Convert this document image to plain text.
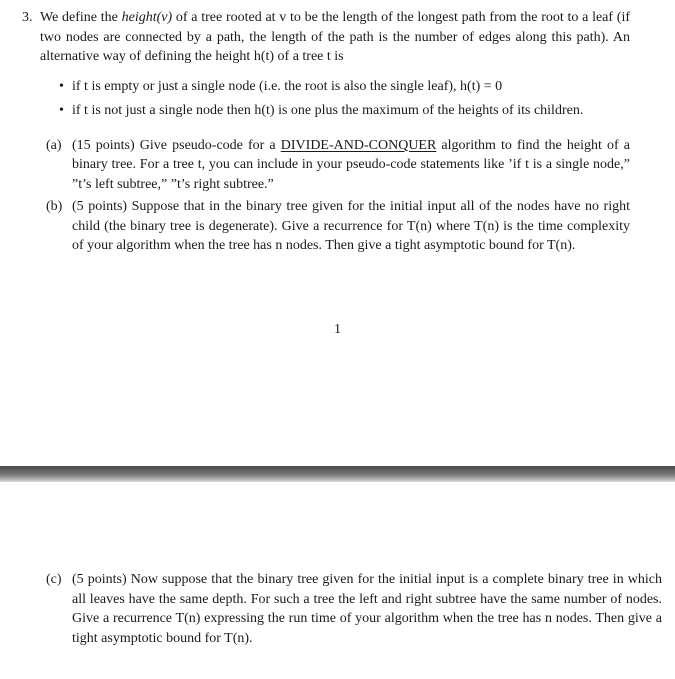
3. We define the height(v) of a tree rooted at v to be the length of the longest path from the root to a leaf (if two nodes are connected by a path, the length of the path is the number of edges along this path). An alternative way of defining the height h(t) of a tree t is

• if t is empty or just a single node (i.e. the root is also the single leaf), h(t) = 0
• if t is not just a single node then h(t) is one plus the maximum of the heights of its children.
(a) (15 points) Give pseudo-code for a DIVIDE-AND-CONQUER algorithm to find the height of a binary tree. For a tree t, you can include in your pseudo-code statements like ’if t is a single node,” ”t’s left subtree,” ”t’s right subtree.”
(b) (5 points) Suppose that in the binary tree given for the initial input all of the nodes have no right child (the binary tree is degenerate). Give a recurrence for T(n) where T(n) is the time complexity of your algorithm when the tree has n nodes. Then give a tight asymptotic bound for T(n).
1
(c) (5 points) Now suppose that the binary tree given for the initial input is a complete binary tree in which all leaves have the same depth. For such a tree the left and right subtree have the same number of nodes. Give a recurrence T(n) expressing the run time of your algorithm when the tree has n nodes. Then give a tight asymptotic bound for T(n).
